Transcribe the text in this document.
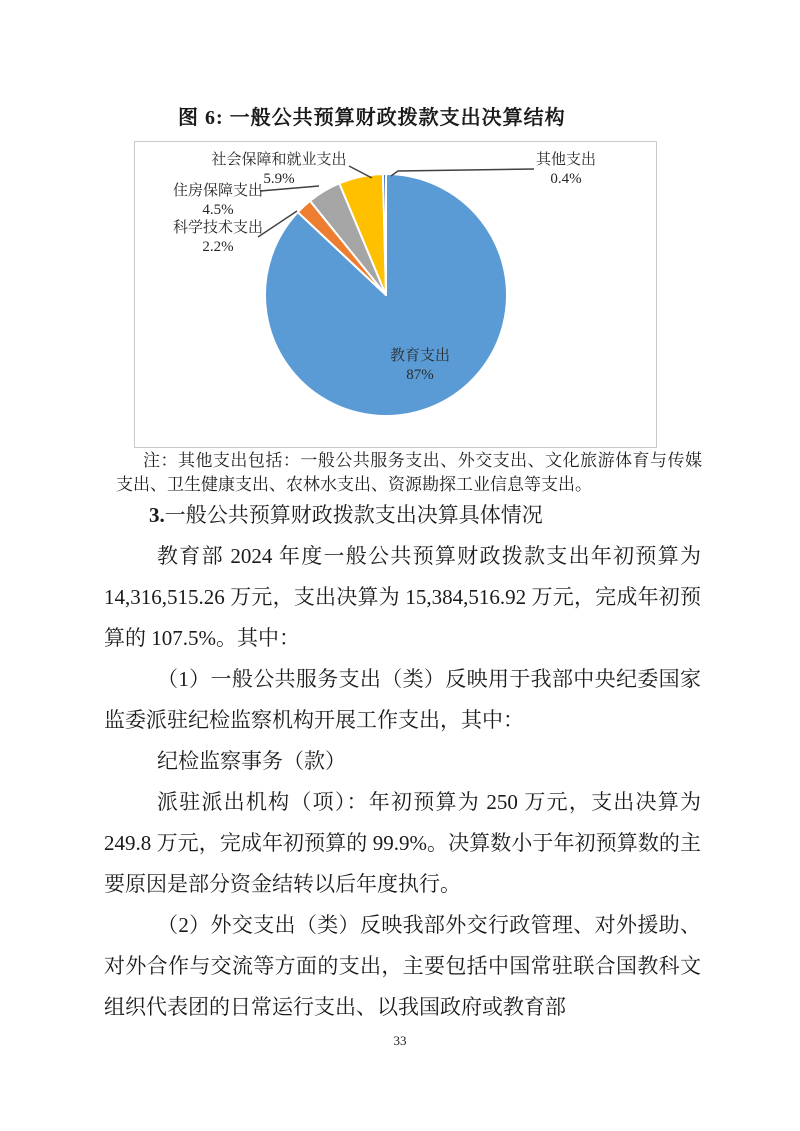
图 6: 一般公共预算财政拨款支出决算结构
社会保障和就业支出
5.9%
住房保障支出
4.5%
科学技术支出
2.2%
其他支出
0.4%
教育支出
87%
注：其他支出包括：一般公共服务支出、外交支出、文化旅游体育与传媒支出、卫生健康支出、农林水支出、资源勘探工业信息等支出。

3.一般公共预算财政拨款支出决算具体情况

教育部 2024 年度一般公共预算财政拨款支出年初预算为 14,316,515.26 万元，支出决算为 15,384,516.92 万元，完成年初预算的 107.5%。其中：

（1）一般公共服务支出（类）反映用于我部中央纪委国家监委派驻纪检监察机构开展工作支出，其中：

纪检监察事务（款）

派驻派出机构（项）：年初预算为 250 万元，支出决算为 249.8 万元，完成年初预算的 99.9%。决算数小于年初预算数的主要原因是部分资金结转以后年度执行。

（2）外交支出（类）反映我部外交行政管理、对外援助、对外合作与交流等方面的支出，主要包括中国常驻联合国教科文组织代表团的日常运行支出、以我国政府或教育部

33
